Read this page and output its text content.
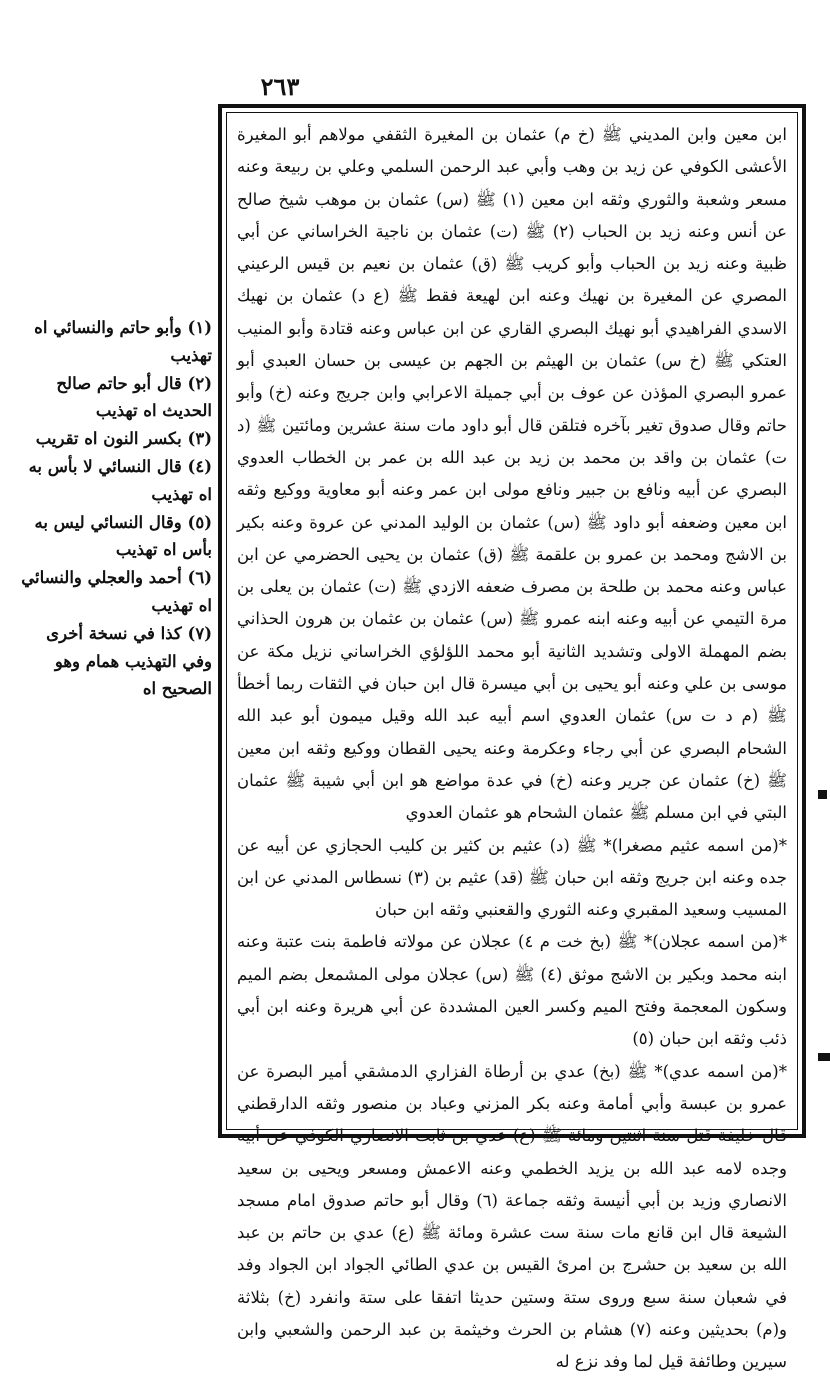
٢٦٣

ابن معين وابن المديني ﷺ (خ م) عثمان بن المغيرة الثقفي مولاهم أبو المغيرة الأعشى الكوفي عن زيد بن وهب وأبي عبد الرحمن السلمي وعلي بن ربيعة وعنه مسعر وشعبة والثوري وثقه ابن معين (١) ﷺ (س) عثمان بن موهب شيخ صالح عن أنس وعنه زيد بن الحباب (٢) ﷺ (ت) عثمان بن ناجية الخراساني عن أبي ظبية وعنه زيد بن الحباب وأبو كريب ﷺ (ق) عثمان بن نعيم بن قيس الرعيني المصري عن المغيرة بن نهيك وعنه ابن لهيعة فقط ﷺ (ع د) عثمان بن نهيك الاسدي الفراهيدي أبو نهيك البصري القاري عن ابن عباس وعنه قتادة وأبو المنيب العتكي ﷺ (خ س) عثمان بن الهيثم بن الجهم بن عيسى بن حسان العبدي أبو عمرو البصري المؤذن عن عوف بن أبي جميلة الاعرابي وابن جريج وعنه (خ) وأبو حاتم وقال صدوق تغير بآخره فتلقن قال أبو داود مات سنة عشرين ومائتين ﷺ (د ت) عثمان بن واقد بن محمد بن زيد بن عبد الله بن عمر بن الخطاب العدوي البصري عن أبيه ونافع بن جبير ونافع مولى ابن عمر وعنه أبو معاوية ووكيع وثقه ابن معين وضعفه أبو داود ﷺ (س) عثمان بن الوليد المدني عن عروة وعنه بكير بن الاشج ومحمد بن عمرو بن علقمة ﷺ (ق) عثمان بن يحيى الحضرمي عن ابن عباس وعنه محمد بن طلحة بن مصرف ضعفه الازدي ﷺ (ت) عثمان بن يعلى بن مرة التيمي عن أبيه وعنه ابنه عمرو ﷺ (س) عثمان بن عثمان بن هرون الحذاني بضم المهملة الاولى وتشديد الثانية أبو محمد اللؤلؤي الخراساني نزيل مكة عن موسى بن علي وعنه أبو يحيى بن أبي ميسرة قال ابن حبان في الثقات ربما أخطأ ﷺ (م د ت س) عثمان العدوي اسم أبيه عبد الله وقيل ميمون أبو عبد الله الشحام البصري عن أبي رجاء وعكرمة وعنه يحيى القطان ووكيع وثقه ابن معين ﷺ (خ) عثمان عن جرير وعنه (خ) في عدة مواضع هو ابن أبي شيبة ﷺ عثمان البتي في ابن مسلم ﷺ عثمان الشحام هو عثمان العدوي

*(من اسمه عثيم مصغرا)* ﷺ (د) عثيم بن كثير بن كليب الحجازي عن أبيه عن جده وعنه ابن جريج وثقه ابن حبان ﷺ (قد) عثيم بن (٣) نسطاس المدني عن ابن المسيب وسعيد المقبري وعنه الثوري والقعنبي وثقه ابن حبان

*(من اسمه عجلان)* ﷺ (بخ خت م ٤) عجلان عن مولاته فاطمة بنت عتبة وعنه ابنه محمد وبكير بن الاشج موثق (٤) ﷺ (س) عجلان مولى المشمعل بضم الميم وسكون المعجمة وفتح الميم وكسر العين المشددة عن أبي هريرة وعنه ابن أبي ذئب وثقه ابن حبان (٥)

*(من اسمه عدي)* ﷺ (بخ) عدي بن أرطاة الفزاري الدمشقي أمير البصرة عن عمرو بن عبسة وأبي أمامة وعنه بكر المزني وعباد بن منصور وثقه الدارقطني قال خليفة قتل سنة اثنتين ومائة ﷺ (ع) عدي بن ثابت الانصاري الكوفي عن أبيه وجده لامه عبد الله بن يزيد الخطمي وعنه الاعمش ومسعر ويحيى بن سعيد الانصاري وزيد بن أبي أنيسة وثقه جماعة (٦) وقال أبو حاتم صدوق امام مسجد الشيعة قال ابن قانع مات سنة ست عشرة ومائة ﷺ (ع) عدي بن حاتم بن عبد الله بن سعيد بن حشرج بن امرئ القيس بن عدي الطائي الجواد ابن الجواد وفد في شعبان سنة سبع وروى ستة وستين حديثا اتفقا على ستة وانفرد (خ) بثلاثة و(م) بحديثين وعنه (٧) هشام بن الحرث وخيثمة بن عبد الرحمن والشعبي وابن سيرين وطائفة قيل لما وفد نزع له

(١) وأبو حاتم والنسائي اه تهذيب

(٢) قال أبو حاتم صالح الحديث اه تهذيب

(٣) بكسر النون اه تقريب

(٤) قال النسائي لا بأس به اه تهذيب

(٥) وقال النسائي ليس به بأس اه تهذيب

(٦) أحمد والعجلي والنسائي اه تهذيب

(٧) كذا في نسخة أخرى وفي التهذيب همام وهو الصحيح اه
